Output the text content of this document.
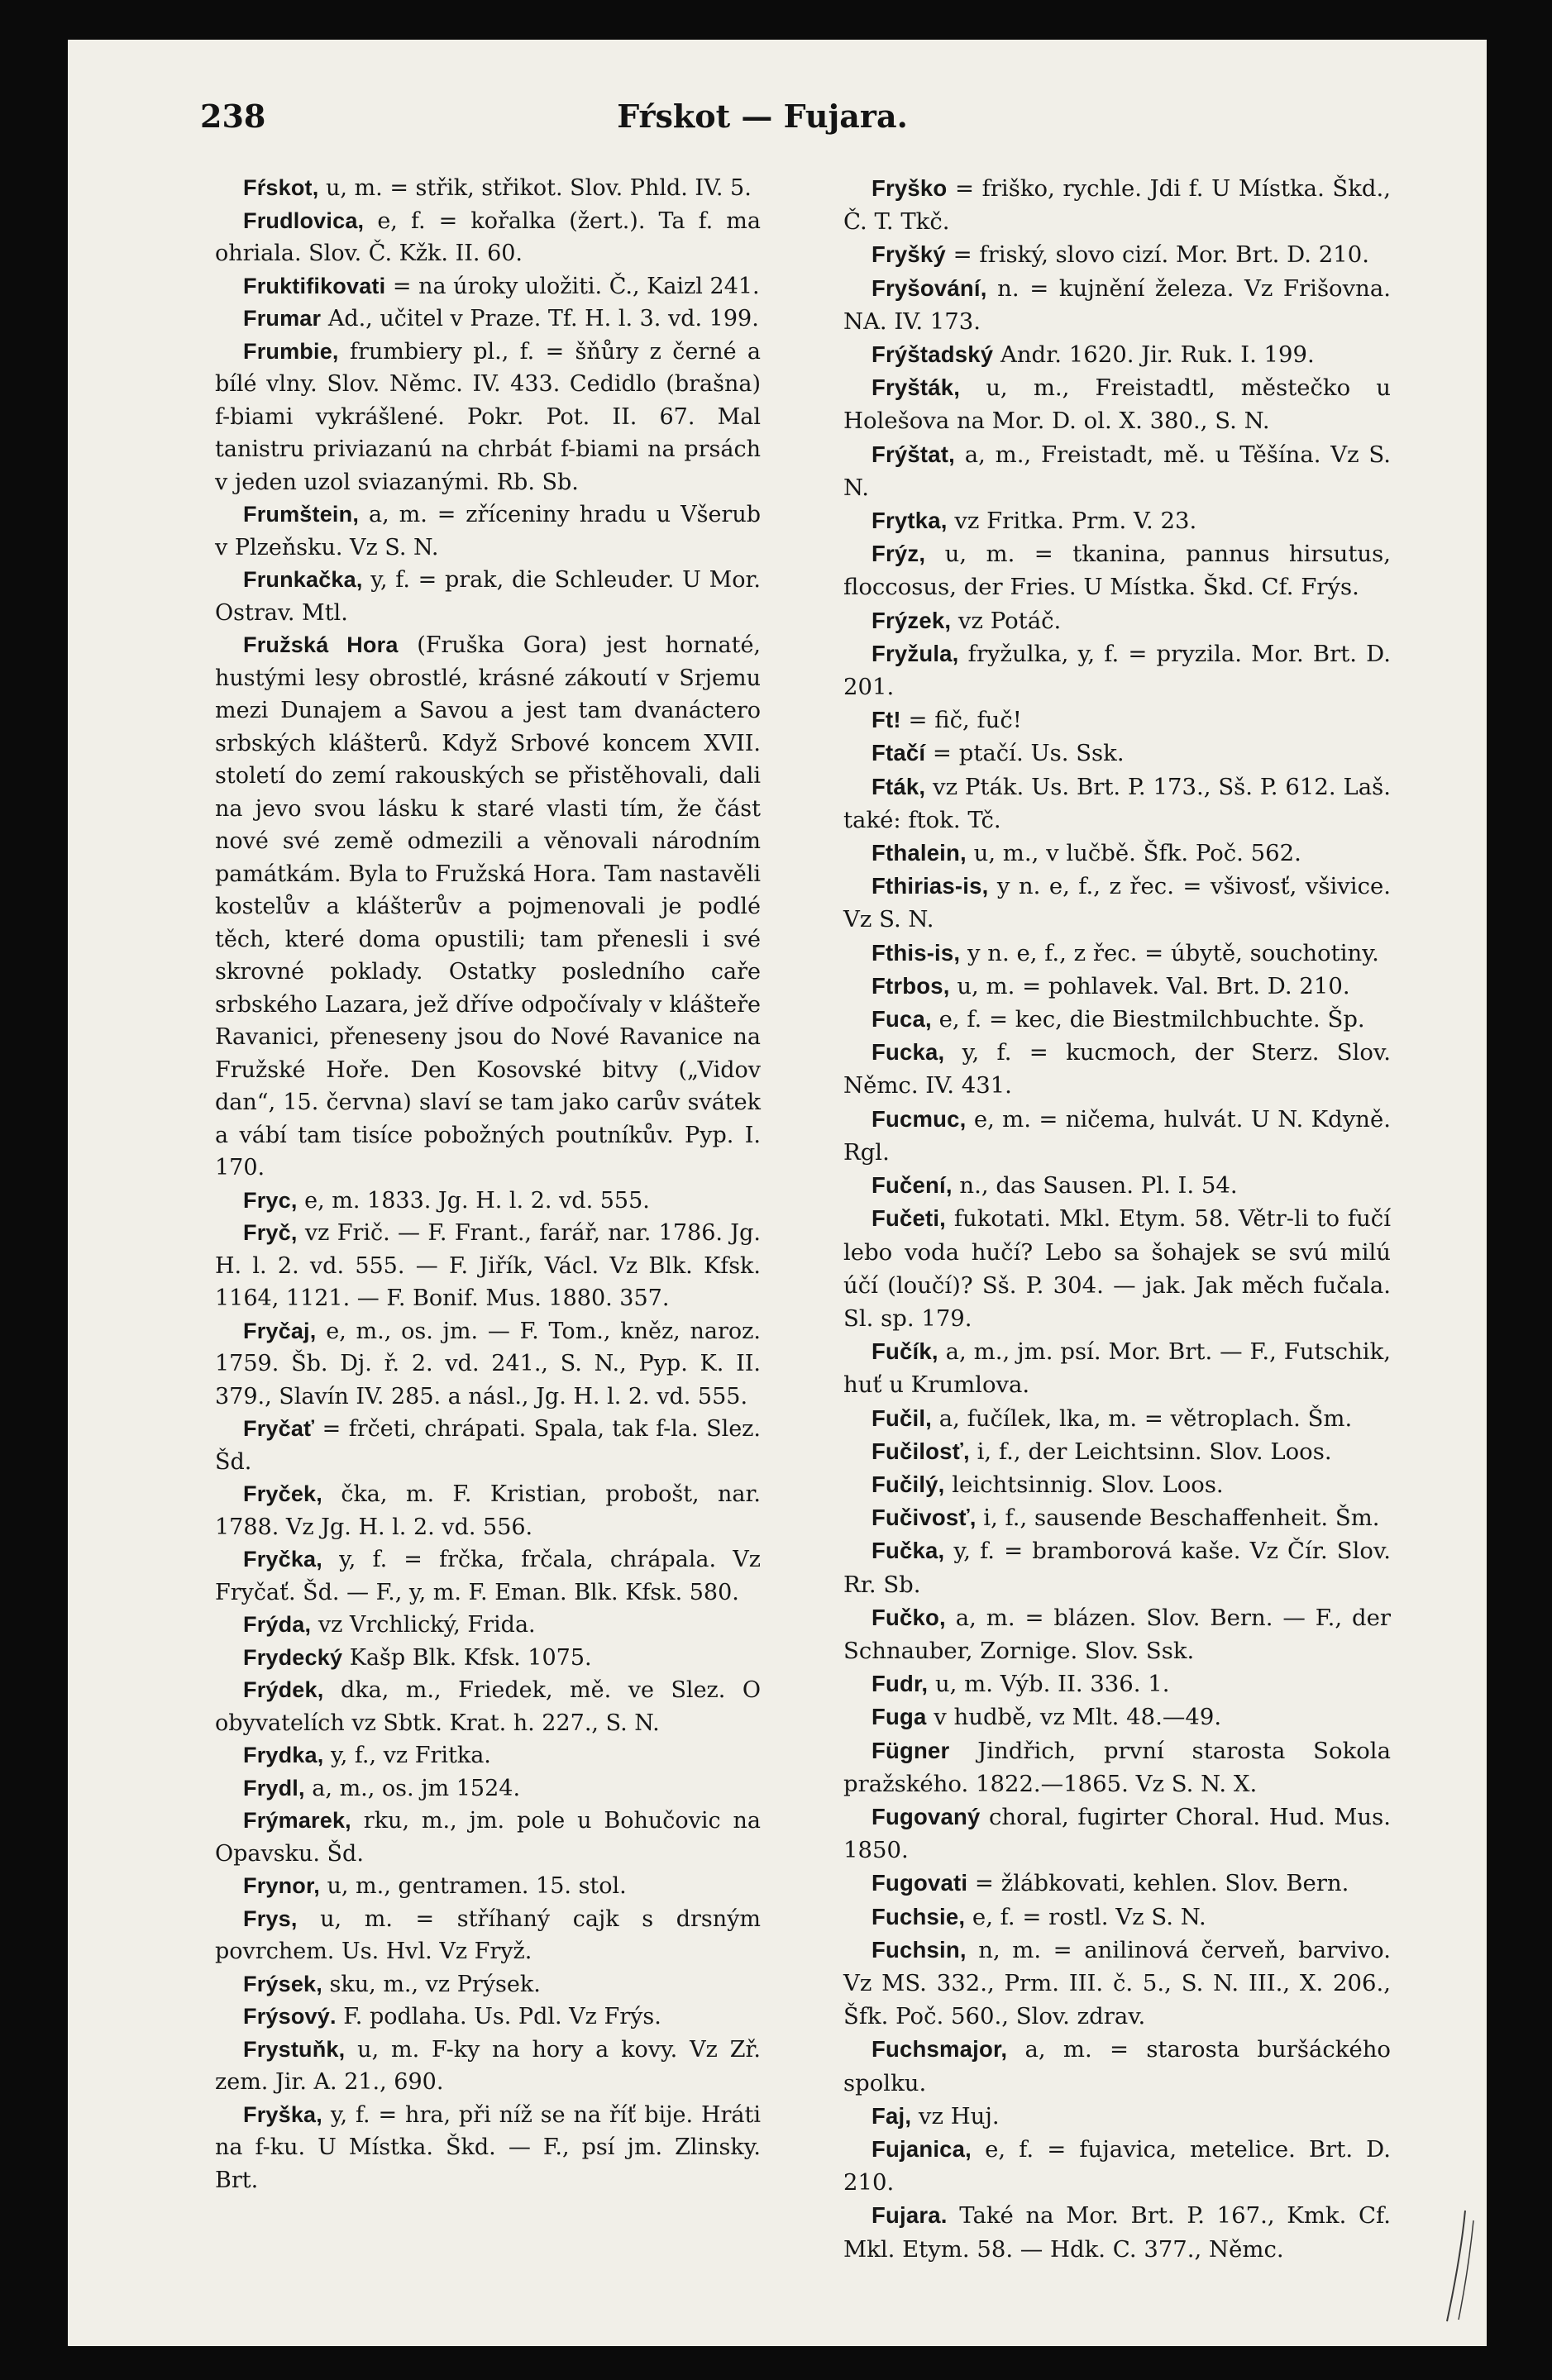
238	Fŕskot — Fujara.

Fŕskot, u, m. = střik, střikot. Slov. Phld. IV. 5.

Frudlovica, e, f. = kořalka (žert.). Ta f. ma ohriala. Slov. Č. Kžk. II. 60.

Fruktifikovati = na úroky uložiti. Č., Kaizl 241.

Frumar Ad., učitel v Praze. Tf. H. l. 3. vd. 199.

Frumbie, frumbiery pl., f. = šňůry z černé a bílé vlny. Slov. Němc. IV. 433. Cedidlo (brašna) f-biami vykrášlené. Pokr. Pot. II. 67. Mal tanistru priviazanú na chrbát f-biami na prsách v jeden uzol sviazanými. Rb. Sb.

Frumštein, a, m. = zříceniny hradu u Všerub v Plzeňsku. Vz S. N.

Frunkačka, y, f. = prak, die Schleuder. U Mor. Ostrav. Mtl.

Fružská Hora (Fruška Gora) jest hornaté, hustými lesy obrostlé, krásné zákoutí v Srjemu mezi Dunajem a Savou a jest tam dvanáctero srbských klášterů. Když Srbové koncem XVII. století do zemí rakouských se přistěhovali, dali na jevo svou lásku k staré vlasti tím, že část nové své země odmezili a věnovali národním památkám. Byla to Fružská Hora. Tam nastavěli kostelův a klášterův a pojmenovali je podlé těch, které doma opustili; tam přenesli i své skrovné poklady. Ostatky posledního caře srbského Lazara, jež dříve odpočívaly v klášteře Ravanici, přeneseny jsou do Nové Ravanice na Fružské Hoře. Den Kosovské bitvy („Vidov dan“, 15. června) slaví se tam jako carův svátek a vábí tam tisíce pobožných poutníkův. Pyp. I. 170.

Fryc, e, m. 1833. Jg. H. l. 2. vd. 555.

Fryč, vz Frič. — F. Frant., farář, nar. 1786. Jg. H. l. 2. vd. 555. — F. Jiřík, Václ. Vz Blk. Kfsk. 1164, 1121. — F. Bonif. Mus. 1880. 357.

Fryčaj, e, m., os. jm. — F. Tom., kněz, naroz. 1759. Šb. Dj. ř. 2. vd. 241., S. N., Pyp. K. II. 379., Slavín IV. 285. a násl., Jg. H. l. 2. vd. 555.

Fryčať = frčeti, chrápati. Spala, tak f-la. Slez. Šd.

Fryček, čka, m. F. Kristian, probošt, nar. 1788. Vz Jg. H. l. 2. vd. 556.

Fryčka, y, f. = frčka, frčala, chrápala. Vz Fryčať. Šd. — F., y, m. F. Eman. Blk. Kfsk. 580.

Frýda, vz Vrchlický, Frida.

Frydecký Kašp Blk. Kfsk. 1075.

Frýdek, dka, m., Friedek, mě. ve Slez. O obyvatelích vz Sbtk. Krat. h. 227., S. N.

Frydka, y, f., vz Fritka.

Frydl, a, m., os. jm 1524.

Frýmarek, rku, m., jm. pole u Bohučovic na Opavsku. Šd.

Frynor, u, m., gentramen. 15. stol.

Frys, u, m. = stříhaný cajk s drsným povrchem. Us. Hvl. Vz Fryž.

Frýsek, sku, m., vz Prýsek.

Frýsový. F. podlaha. Us. Pdl. Vz Frýs.

Frystuňk, u, m. F-ky na hory a kovy. Vz Zř. zem. Jir. A. 21., 690.

Fryška, y, f. = hra, při níž se na říť bije. Hráti na f-ku. U Místka. Škd. — F., psí jm. Zlinsky. Brt.

Fryško = friško, rychle. Jdi f. U Místka. Škd., Č. T. Tkč.

Fryšký = friský, slovo cizí. Mor. Brt. D. 210.

Fryšování, n. = kujnění železa. Vz Frišovna. NA. IV. 173.

Frýštadský Andr. 1620. Jir. Ruk. I. 199.

Fryšták, u, m., Freistadtl, městečko u Holešova na Mor. D. ol. X. 380., S. N.

Frýštat, a, m., Freistadt, mě. u Těšína. Vz S. N.

Frytka, vz Fritka. Prm. V. 23.

Frýz, u, m. = tkanina, pannus hirsutus, floccosus, der Fries. U Místka. Škd. Cf. Frýs.

Frýzek, vz Potáč.

Fryžula, fryžulka, y, f. = pryzila. Mor. Brt. D. 201.

Ft! = fič, fuč!

Ftačí = ptačí. Us. Ssk.

Fták, vz Pták. Us. Brt. P. 173., Sš. P. 612. Laš. také: ftok. Tč.

Fthalein, u, m., v lučbě. Šfk. Poč. 562.

Fthirias-is, y n. e, f., z řec. = všivosť, všivice. Vz S. N.

Fthis-is, y n. e, f., z řec. = úbytě, souchotiny.

Ftrbos, u, m. = pohlavek. Val. Brt. D. 210.

Fuca, e, f. = kec, die Biestmilchbuchte. Šp.

Fucka, y, f. = kucmoch, der Sterz. Slov. Němc. IV. 431.

Fucmuc, e, m. = ničema, hulvát. U N. Kdyně. Rgl.

Fučení, n., das Sausen. Pl. I. 54.

Fučeti, fukotati. Mkl. Etym. 58. Větr-li to fučí lebo voda hučí? Lebo sa šohajek se svú milú účí (loučí)? Sš. P. 304. — jak. Jak měch fučala. Sl. sp. 179.

Fučík, a, m., jm. psí. Mor. Brt. — F., Futschik, huť u Krumlova.

Fučil, a, fučílek, lka, m. = větroplach. Šm.

Fučilosť, i, f., der Leichtsinn. Slov. Loos.

Fučilý, leichtsinnig. Slov. Loos.

Fučivosť, i, f., sausende Beschaffenheit. Šm.

Fučka, y, f. = bramborová kaše. Vz Čír. Slov. Rr. Sb.

Fučko, a, m. = blázen. Slov. Bern. — F., der Schnauber, Zornige. Slov. Ssk.

Fudr, u, m. Výb. II. 336. 1.

Fuga v hudbě, vz Mlt. 48.—49.

Fügner Jindřich, první starosta Sokola pražského. 1822.—1865. Vz S. N. X.

Fugovaný choral, fugirter Choral. Hud. Mus. 1850.

Fugovati = žlábkovati, kehlen. Slov. Bern.

Fuchsie, e, f. = rostl. Vz S. N.

Fuchsin, n, m. = anilinová červeň, barvivo. Vz MS. 332., Prm. III. č. 5., S. N. III., X. 206., Šfk. Poč. 560., Slov. zdrav.

Fuchsmajor, a, m. = starosta buršáckého spolku.

Faj, vz Huj.

Fujanica, e, f. = fujavica, metelice. Brt. D. 210.

Fujara. Také na Mor. Brt. P. 167., Kmk. Cf. Mkl. Etym. 58. — Hdk. C. 377., Němc.
